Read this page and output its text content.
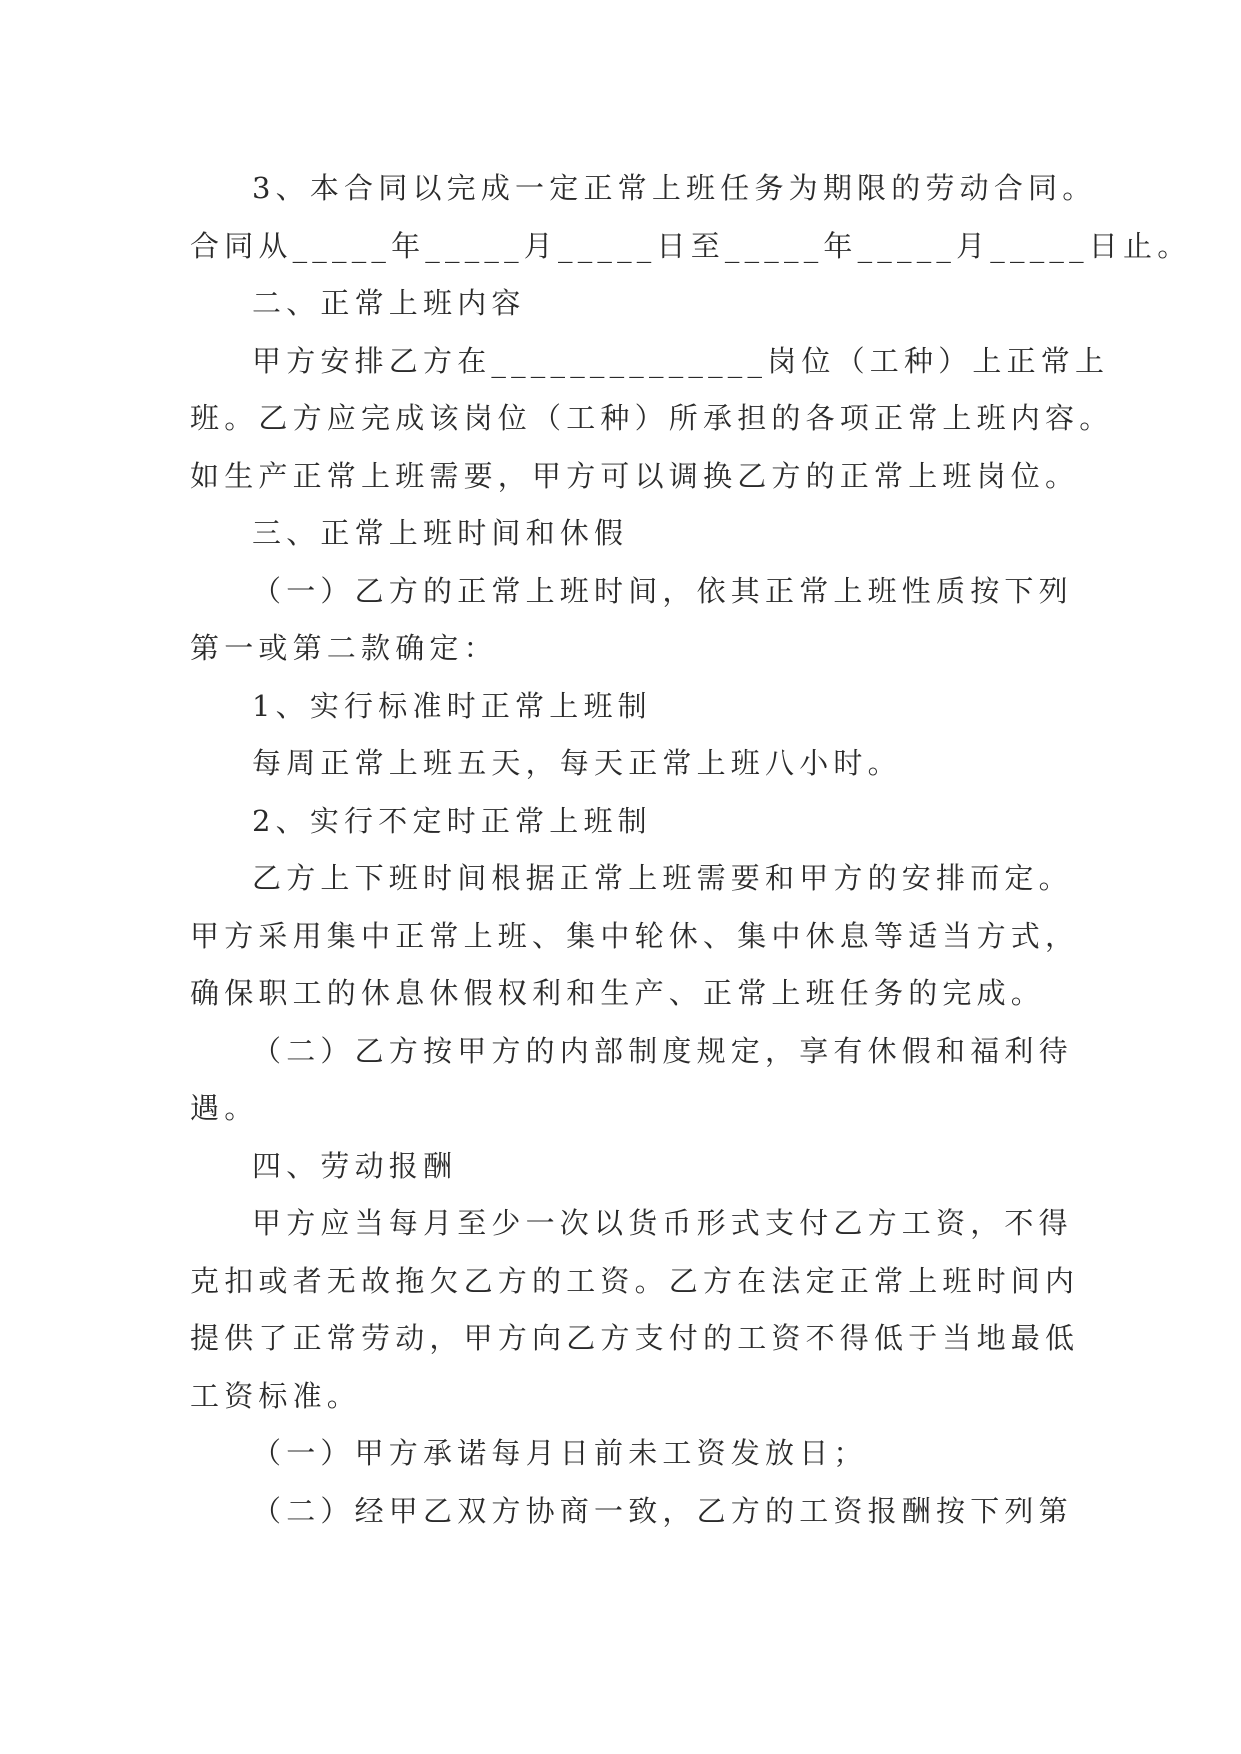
3、本合同以完成一定正常上班任务为期限的劳动合同。

合同从_____年_____月_____日至_____年_____月_____日止。

二、正常上班内容

甲方安排乙方在______________岗位（工种）上正常上

班。乙方应完成该岗位（工种）所承担的各项正常上班内容。

如生产正常上班需要，甲方可以调换乙方的正常上班岗位。

三、正常上班时间和休假

（一）乙方的正常上班时间，依其正常上班性质按下列

第一或第二款确定：

1、实行标准时正常上班制

每周正常上班五天，每天正常上班八小时。

2、实行不定时正常上班制

乙方上下班时间根据正常上班需要和甲方的安排而定。

甲方采用集中正常上班、集中轮休、集中休息等适当方式，

确保职工的休息休假权利和生产、正常上班任务的完成。

（二）乙方按甲方的内部制度规定，享有休假和福利待

遇。

四、劳动报酬

甲方应当每月至少一次以货币形式支付乙方工资，不得

克扣或者无故拖欠乙方的工资。乙方在法定正常上班时间内

提供了正常劳动，甲方向乙方支付的工资不得低于当地最低

工资标准。

（一）甲方承诺每月日前未工资发放日；

（二）经甲乙双方协商一致，乙方的工资报酬按下列第
